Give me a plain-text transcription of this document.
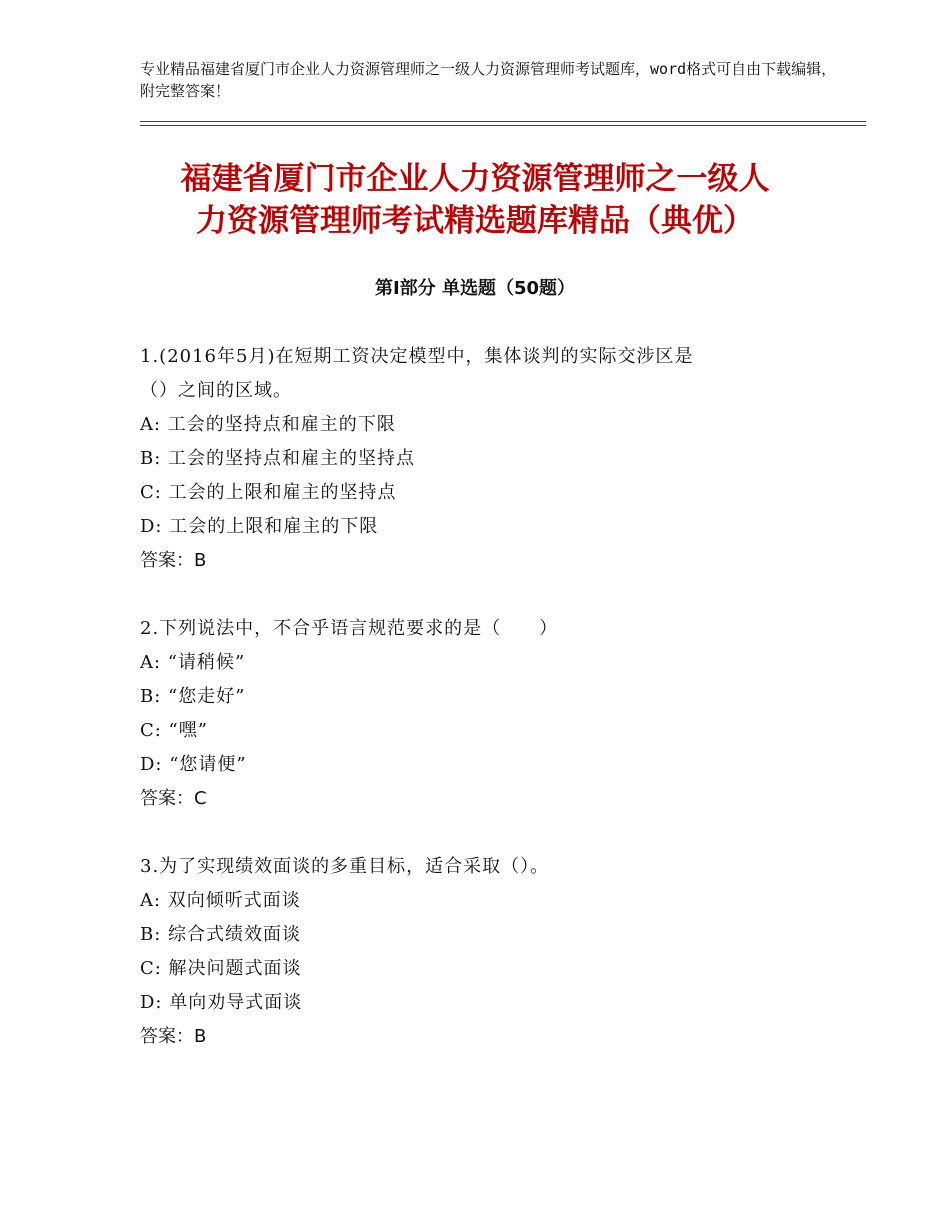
专业精品福建省厦门市企业人力资源管理师之一级人力资源管理师考试题库，word格式可自由下载编辑，附完整答案！
福建省厦门市企业人力资源管理师之一级人
力资源管理师考试精选题库精品（典优）
第Ⅰ部分 单选题（50题）
1.(2016年5月)在短期工资决定模型中，集体谈判的实际交涉区是
（）之间的区域。
A: 工会的坚持点和雇主的下限
B: 工会的坚持点和雇主的坚持点
C: 工会的上限和雇主的坚持点
D: 工会的上限和雇主的下限
答案：B
2.下列说法中，不合乎语言规范要求的是（　　）
A: “请稍候”
B: “您走好”
C: “嘿”
D: “您请便”
答案：C
3.为了实现绩效面谈的多重目标，适合采取（）。
A: 双向倾听式面谈
B: 综合式绩效面谈
C: 解决问题式面谈
D: 单向劝导式面谈
答案：B
